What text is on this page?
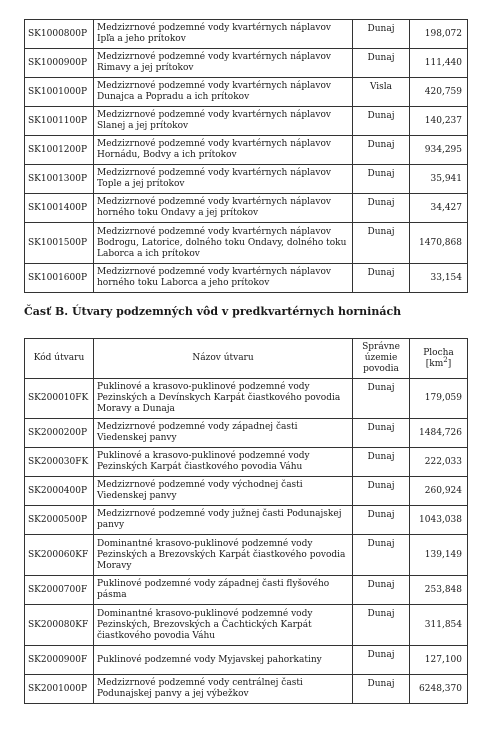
SK1000800P	Medzizrnové podzemné vody kvartérnych náplavov Ipľa a jeho prítokov	Dunaj	198,072
SK1000900P	Medzizrnové podzemné vody kvartérnych náplavov Rimavy a jej prítokov	Dunaj	111,440
SK1001000P	Medzizrnové podzemné vody kvartérnych náplavov Dunajca a Popradu a ich prítokov	Visla	420,759
SK1001100P	Medzizrnové podzemné vody kvartérnych náplavov Slanej a jej prítokov	Dunaj	140,237
SK1001200P	Medzizrnové podzemné vody kvartérnych náplavov Hornádu, Bodvy a ich prítokov	Dunaj	934,295
SK1001300P	Medzizrnové podzemné vody kvartérnych náplavov Tople a jej prítokov	Dunaj	35,941
SK1001400P	Medzizrnové podzemné vody kvartérnych náplavov horného toku Ondavy a jej prítokov	Dunaj	34,427
SK1001500P	Medzizrnové podzemné vody kvartérnych náplavov Bodrogu, Latorice, dolného toku Ondavy, dolného toku Laborca a ich prítokov	Dunaj	1470,868
SK1001600P	Medzizrnové podzemné vody kvartérnych náplavov horného toku Laborca a jeho prítokov	Dunaj	33,154
Časť B. Útvary podzemných vôd v predkvartérnych horninách
Kód útvaru	Názov útvaru	Správne územie povodia	Plocha $[km^2]$
SK200010FK	Puklinové a krasovo-puklinové podzemné vody Pezinských a Devínskych Karpát čiastkového povodia Moravy a Dunaja	Dunaj	179,059
SK2000200P	Medzizrnové podzemné vody západnej časti Viedenskej panvy	Dunaj	1484,726
SK200030FK	Puklinové a krasovo-puklinové podzemné vody Pezinských Karpát čiastkového povodia Váhu	Dunaj	222,033
SK2000400P	Medzizrnové podzemné vody východnej časti Viedenskej panvy	Dunaj	260,924
SK2000500P	Medzizrnové podzemné vody južnej časti Podunajskej panvy	Dunaj	1043,038
SK200060KF	Dominantné krasovo-puklinové podzemné vody Pezinských a Brezovských Karpát čiastkového povodia Moravy	Dunaj	139,149
SK2000700F	Puklinové podzemné vody západnej časti flyšového pásma	Dunaj	253,848
SK200080KF	Dominantné krasovo-puklinové podzemné vody Pezinských, Brezovských a Čachtických Karpát čiastkového povodia Váhu	Dunaj	311,854
SK2000900F	Puklinové podzemné vody Myjavskej pahorkatiny	Dunaj	127,100
SK2001000P	Medzizrnové podzemné vody centrálnej časti Podunajskej panvy a jej výbežkov	Dunaj	6248,370
